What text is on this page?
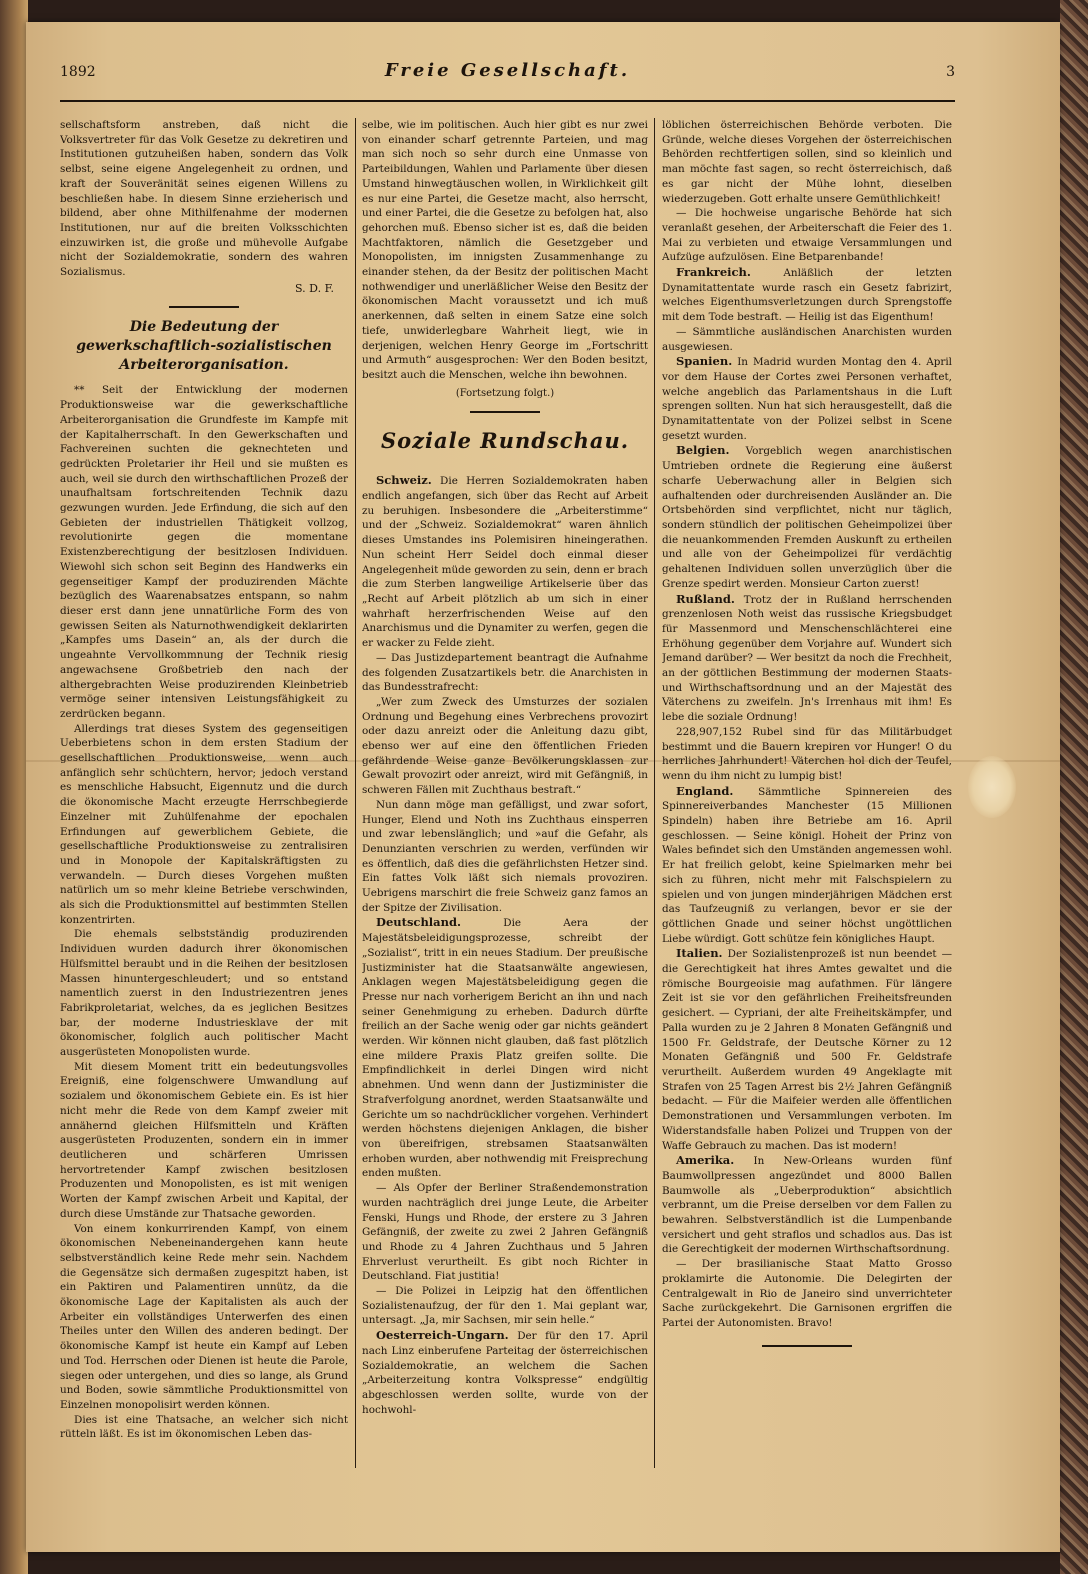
1892	Freie Gesellschaft.	3

sellschaftsform anstreben, daß nicht die Volksvertreter für das Volk Gesetze zu dekretiren und Institutionen gutzuheißen haben, sondern das Volk selbst, seine eigene Angelegenheit zu ordnen, und kraft der Souveränität seines eigenen Willens zu beschließen habe. In diesem Sinne erzieherisch und bildend, aber ohne Mithilfenahme der modernen Institutionen, nur auf die breiten Volksschichten einzuwirken ist, die große und mühevolle Aufgabe nicht der Sozialdemokratie, sondern des wahren Sozialismus.

S. D. F.
Die Bedeutung der gewerkschaftlich-sozialistischen Arbeiterorganisation.

** Seit der Entwicklung der modernen Produktionsweise war die gewerkschaftliche Arbeiterorganisation die Grundfeste im Kampfe mit der Kapitalherrschaft. In den Gewerkschaften und Fachvereinen suchten die geknechteten und gedrückten Proletarier ihr Heil und sie mußten es auch, weil sie durch den wirthschaftlichen Prozeß der unaufhaltsam fortschreitenden Technik dazu gezwungen wurden. Jede Erfindung, die sich auf den Gebieten der industriellen Thätigkeit vollzog, revolutionirte gegen die momentane Existenzberechtigung der besitzlosen Individuen. Wiewohl sich schon seit Beginn des Handwerks ein gegenseitiger Kampf der produzirenden Mächte bezüglich des Waarenabsatzes entspann, so nahm dieser erst dann jene unnatürliche Form des von gewissen Seiten als Naturnothwendigkeit deklarirten „Kampfes ums Dasein“ an, als der durch die ungeahnte Vervollkommnung der Technik riesig angewachsene Großbetrieb den nach der althergebrachten Weise produzirenden Kleinbetrieb vermöge seiner intensiven Leistungsfähigkeit zu zerdrücken begann.

Allerdings trat dieses System des gegenseitigen Ueberbietens schon in dem ersten Stadium der gesellschaftlichen Produktionsweise, wenn auch anfänglich sehr schüchtern, hervor; jedoch verstand es menschliche Habsucht, Eigennutz und die durch die ökonomische Macht erzeugte Herrschbegierde Einzelner mit Zuhülfenahme der epochalen Erfindungen auf gewerblichem Gebiete, die gesellschaftliche Produktionsweise zu zentralisiren und in Monopole der Kapitalskräftigsten zu verwandeln. — Durch dieses Vorgehen mußten natürlich um so mehr kleine Betriebe verschwinden, als sich die Produktionsmittel auf bestimmten Stellen konzentrirten.

Die ehemals selbstständig produzirenden Individuen wurden dadurch ihrer ökonomischen Hülfsmittel beraubt und in die Reihen der besitzlosen Massen hinuntergeschleudert; und so entstand namentlich zuerst in den Industriezentren jenes Fabrikproletariat, welches, da es jeglichen Besitzes bar, der moderne Industriesklave der mit ökonomischer, folglich auch politischer Macht ausgerüsteten Monopolisten wurde.

Mit diesem Moment tritt ein bedeutungsvolles Ereigniß, eine folgenschwere Umwandlung auf sozialem und ökonomischem Gebiete ein. Es ist hier nicht mehr die Rede von dem Kampf zweier mit annähernd gleichen Hilfsmitteln und Kräften ausgerüsteten Produzenten, sondern ein in immer deutlicheren und schärferen Umrissen hervortretender Kampf zwischen besitzlosen Produzenten und Monopolisten, es ist mit wenigen Worten der Kampf zwischen Arbeit und Kapital, der durch diese Umstände zur Thatsache geworden.

Von einem konkurrirenden Kampf, von einem ökonomischen Nebeneinandergehen kann heute selbstverständlich keine Rede mehr sein. Nachdem die Gegensätze sich dermaßen zugespitzt haben, ist ein Paktiren und Palamentiren unnütz, da die ökonomische Lage der Kapitalisten als auch der Arbeiter ein vollständiges Unterwerfen des einen Theiles unter den Willen des anderen bedingt. Der ökonomische Kampf ist heute ein Kampf auf Leben und Tod. Herrschen oder Dienen ist heute die Parole, siegen oder untergehen, und dies so lange, als Grund und Boden, sowie sämmtliche Produktionsmittel von Einzelnen monopolisirt werden können.

Dies ist eine Thatsache, an welcher sich nicht rütteln läßt. Es ist im ökonomischen Leben das-

selbe, wie im politischen. Auch hier gibt es nur zwei von einander scharf getrennte Parteien, und mag man sich noch so sehr durch eine Unmasse von Parteibildungen, Wahlen und Parlamente über diesen Umstand hinwegtäuschen wollen, in Wirklichkeit gilt es nur eine Partei, die Gesetze macht, also herrscht, und einer Partei, die die Gesetze zu befolgen hat, also gehorchen muß. Ebenso sicher ist es, daß die beiden Machtfaktoren, nämlich die Gesetzgeber und Monopolisten, im innigsten Zusammenhange zu einander stehen, da der Besitz der politischen Macht nothwendiger und unerläßlicher Weise den Besitz der ökonomischen Macht voraussetzt und ich muß anerkennen, daß selten in einem Satze eine solch tiefe, unwiderlegbare Wahrheit liegt, wie in derjenigen, welchen Henry George im „Fortschritt und Armuth“ ausgesprochen: Wer den Boden besitzt, besitzt auch die Menschen, welche ihn bewohnen.

(Fortsetzung folgt.)
Soziale Rundschau.

Schweiz. Die Herren Sozialdemokraten haben endlich angefangen, sich über das Recht auf Arbeit zu beruhigen. Insbesondere die „Arbeiterstimme“ und der „Schweiz. Sozialdemokrat“ waren ähnlich dieses Umstandes ins Polemisiren hineingerathen. Nun scheint Herr Seidel doch einmal dieser Angelegenheit müde geworden zu sein, denn er brach die zum Sterben langweilige Artikelserie über das „Recht auf Arbeit plötzlich ab um sich in einer wahrhaft herzerfrischenden Weise auf den Anarchismus und die Dynamiter zu werfen, gegen die er wacker zu Felde zieht.

— Das Justizdepartement beantragt die Aufnahme des folgenden Zusatzartikels betr. die Anarchisten in das Bundesstrafrecht:

„Wer zum Zweck des Umsturzes der sozialen Ordnung und Begehung eines Verbrechens provozirt oder dazu anreizt oder die Anleitung dazu gibt, ebenso wer auf eine den öffentlichen Frieden gefährdende Weise ganze Bevölkerungsklassen zur Gewalt provozirt oder anreizt, wird mit Gefängniß, in schweren Fällen mit Zuchthaus bestraft.“

Nun dann möge man gefälligst, und zwar sofort, Hunger, Elend und Noth ins Zuchthaus einsperren und zwar lebenslänglich; und »auf die Gefahr, als Denunzianten verschrien zu werden, verfünden wir es öffentlich, daß dies die gefährlichsten Hetzer sind. Ein fattes Volk läßt sich niemals provoziren. Uebrigens marschirt die freie Schweiz ganz famos an der Spitze der Zivilisation.

Deutschland.	Die Aera der Majestätsbeleidigungsprozesse, schreibt der „Sozialist“, tritt in ein neues Stadium. Der preußische Justizminister hat die Staatsanwälte angewiesen, Anklagen wegen Majestätsbeleidigung gegen die Presse nur nach vorherigem Bericht an ihn und nach seiner Genehmigung zu erheben. Dadurch dürfte freilich an der Sache wenig oder gar nichts geändert werden. Wir können nicht glauben, daß fast plötzlich eine mildere Praxis Platz greifen sollte. Die Empfindlichkeit in derlei Dingen wird nicht abnehmen. Und wenn dann der Justizminister die Strafverfolgung anordnet, werden Staatsanwälte und Gerichte um so nachdrücklicher vorgehen. Verhindert werden höchstens diejenigen Anklagen, die bisher von übereifrigen, strebsamen Staatsanwälten erhoben wurden, aber nothwendig mit Freisprechung enden mußten.

— Als Opfer der Berliner Straßendemonstration wurden nachträglich drei junge Leute, die Arbeiter Fenski, Hungs und Rhode, der erstere zu 3 Jahren Gefängniß, der zweite zu zwei 2 Jahren Gefängniß und Rhode zu 4 Jahren Zuchthaus und 5 Jahren Ehrverlust verurtheilt. Es gibt noch Richter in Deutschland. Fiat justitia!

— Die Polizei in Leipzig hat den öffentlichen Sozialistenaufzug, der für den 1. Mai geplant war, untersagt. „Ja, mir Sachsen, mir sein helle.“

Oesterreich-Ungarn. Der für den 17. April nach Linz einberufene Parteitag der österreichischen Sozialdemokratie, an welchem die Sachen „Arbeiterzeitung kontra Volkspresse“ endgültig abgeschlossen werden sollte, wurde von der hochwohl-

löblichen österreichischen Behörde verboten. Die Gründe, welche dieses Vorgehen der österreichischen Behörden rechtfertigen sollen, sind so kleinlich und man möchte fast sagen, so recht österreichisch, daß es gar nicht der Mühe lohnt, dieselben wiederzugeben. Gott erhalte unsere Gemüthlichkeit!

— Die hochweise ungarische Behörde hat sich veranlaßt gesehen, der Arbeiterschaft die Feier des 1. Mai zu verbieten und etwaige Versammlungen und Aufzüge aufzulösen. Eine Betparenbande!

Frankreich.	Anläßlich der letzten Dynamitattentate wurde rasch ein Gesetz fabrizirt, welches Eigenthumsverletzungen durch Sprengstoffe mit dem Tode bestraft. — Heilig ist das Eigenthum!

— Sämmtliche ausländischen Anarchisten wurden ausgewiesen.

Spanien. In Madrid wurden Montag den 4. April vor dem Hause der Cortes zwei Personen verhaftet, welche angeblich das Parlamentshaus in die Luft sprengen sollten. Nun hat sich herausgestellt, daß die Dynamitattentate von der Polizei selbst in Scene gesetzt wurden.

Belgien. Vorgeblich wegen anarchistischen Umtrieben ordnete die Regierung eine äußerst scharfe Ueberwachung aller in Belgien sich aufhaltenden oder durchreisenden Ausländer an. Die Ortsbehörden sind verpflichtet, nicht nur täglich, sondern stündlich der politischen Geheimpolizei über die neuankommenden Fremden Auskunft zu ertheilen und alle von der Geheimpolizei für verdächtig gehaltenen Individuen sollen unverzüglich über die Grenze spedirt werden. Monsieur Carton zuerst!

Rußland. Trotz der in Rußland herrschenden grenzenlosen Noth weist das russische Kriegsbudget für Massenmord und Menschenschlächterei eine Erhöhung gegenüber dem Vorjahre auf. Wundert sich Jemand darüber? — Wer besitzt da noch die Frechheit, an der göttlichen Bestimmung der modernen Staats- und Wirthschaftsordnung und an der Majestät des Väterchens zu zweifeln. Jn's Irrenhaus mit ihm! Es lebe die soziale Ordnung!

228,907,152 Rubel sind für das Militärbudget bestimmt und die Bauern krepiren vor Hunger! O du herrliches Jahrhundert! Väterchen hol dich der Teufel, wenn du ihm nicht zu lumpig bist!

England. Sämmtliche Spinnereien des Spinnereiverbandes Manchester (15 Millionen Spindeln) haben ihre Betriebe am 16. April geschlossen. — Seine königl. Hoheit der Prinz von Wales befindet sich den Umständen angemessen wohl. Er hat freilich gelobt, keine Spielmarken mehr bei sich zu führen, nicht mehr mit Falschspielern zu spielen und von jungen minderjährigen Mädchen erst das Taufzeugniß zu verlangen, bevor er sie der göttlichen Gnade und seiner höchst ungöttlichen Liebe würdigt. Gott schütze fein königliches Haupt.

Italien. Der Sozialistenprozeß ist nun beendet — die Gerechtigkeit hat ihres Amtes gewaltet und die römische Bourgeoisie mag aufathmen. Für längere Zeit ist sie vor den gefährlichen Freiheitsfreunden gesichert. — Cypriani, der alte Freiheitskämpfer, und Palla wurden zu je 2 Jahren 8 Monaten Gefängniß und 1500 Fr. Geldstrafe, der Deutsche Körner zu 12 Monaten Gefängniß und 500 Fr. Geldstrafe verurtheilt. Außerdem wurden 49 Angeklagte mit Strafen von 25 Tagen Arrest bis 2½ Jahren Gefängniß bedacht. — Für die Maifeier werden alle öffentlichen Demonstrationen und Versammlungen verboten. Im Widerstandsfalle haben Polizei und Truppen von der Waffe Gebrauch zu machen. Das ist modern!

Amerika. In New-Orleans wurden fünf Baumwollpressen angezündet und 8000 Ballen Baumwolle als „Ueberproduktion“ absichtlich verbrannt, um die Preise derselben vor dem Fallen zu bewahren. Selbstverständlich ist die Lumpenbande versichert und geht straflos und schadlos aus. Das ist die Gerechtigkeit der modernen Wirthschaftsordnung.

— Der brasilianische Staat Matto Grosso proklamirte die Autonomie. Die Delegirten der Centralgewalt in Rio de Janeiro sind unverrichteter Sache zurückgekehrt. Die Garnisonen ergriffen die Partei der Autonomisten. Bravo!
